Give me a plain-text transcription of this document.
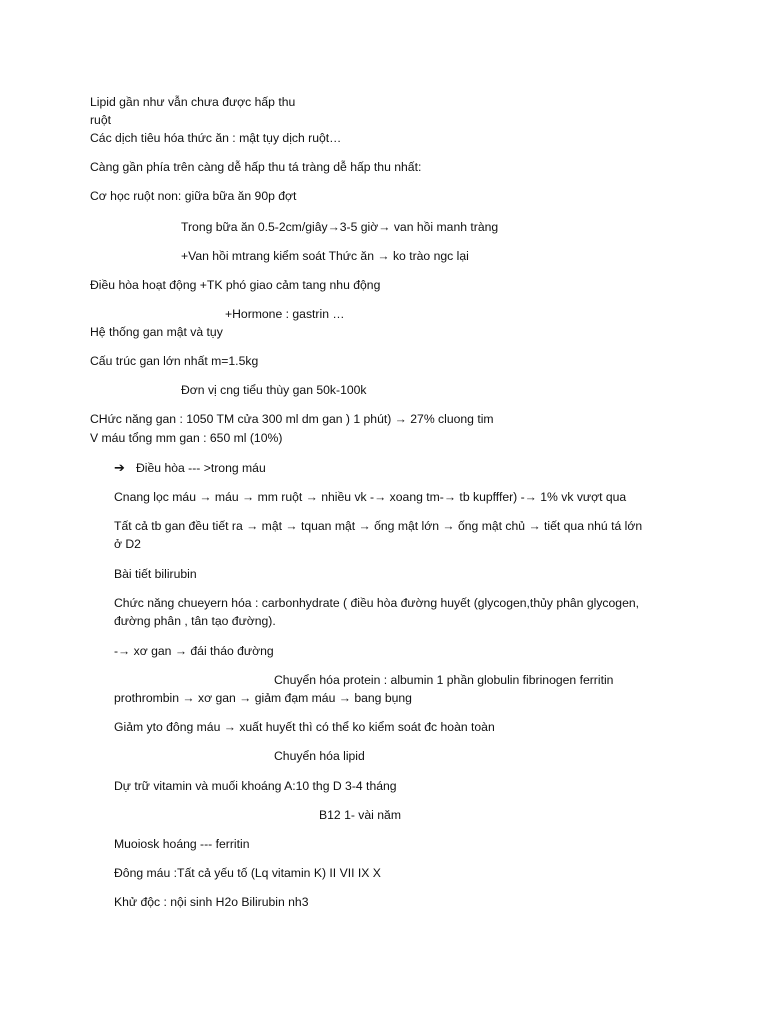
Lipid gần như vẫn chưa được hấp thu
ruột
Các dịch tiêu hóa thức ăn : mật tụy dịch ruột…
Càng gần phía trên càng dễ hấp thu tá tràng dễ hấp thu nhất:
Cơ học ruột non: giữa bữa ăn 90p đợt
Trong bữa ăn 0.5-2cm/giây→3-5 giờ→ van hồi manh tràng
+Van hồi mtrang kiểm soát Thức ăn → ko trào ngc lại
Điều hòa hoạt động +TK phó giao cảm tang nhu động
+Hormone : gastrin …
Hệ thống gan mật và tụy
Cấu trúc gan lớn nhất m=1.5kg
Đơn vị cng tiểu thùy gan 50k-100k
CHức năng gan : 1050 TM cửa 300 ml dm gan ) 1 phút) → 27% cluong tim
V máu tổng mm gan : 650 ml (10%)
➔ Điều hòa --- >trong máu
Cnang lọc máu → máu → mm ruột → nhiều vk -→ xoang tm-→ tb kupfffer) -→ 1% vk vượt qua
Tất cả tb gan đều tiết ra → mật → tquan mật → ống mật lớn → ống mật chủ → tiết qua nhú tá lớn
ở D2
Bài tiết bilirubin
Chức năng chueyern hóa : carbonhydrate ( điều hòa đường huyết (glycogen,thủy phân glycogen,
đường phân , tân tạo đường).
-→ xơ gan → đái tháo đường
Chuyển hóa protein : albumin 1 phần globulin fibrinogen ferritin
prothrombin → xơ gan → giảm đạm máu → bang bụng
Giảm yto đông máu → xuất huyết thì có thể ko kiểm soát đc hoàn toàn
Chuyển hóa lipid
Dự trữ vitamin và muối khoáng A:10 thg D 3-4 tháng
B12 1- vài năm
Muoiosk hoáng --- ferritin
Đông máu :Tất cả yếu tố (Lq vitamin K) II VII IX X
Khử độc : nội sinh H2o Bilirubin nh3
